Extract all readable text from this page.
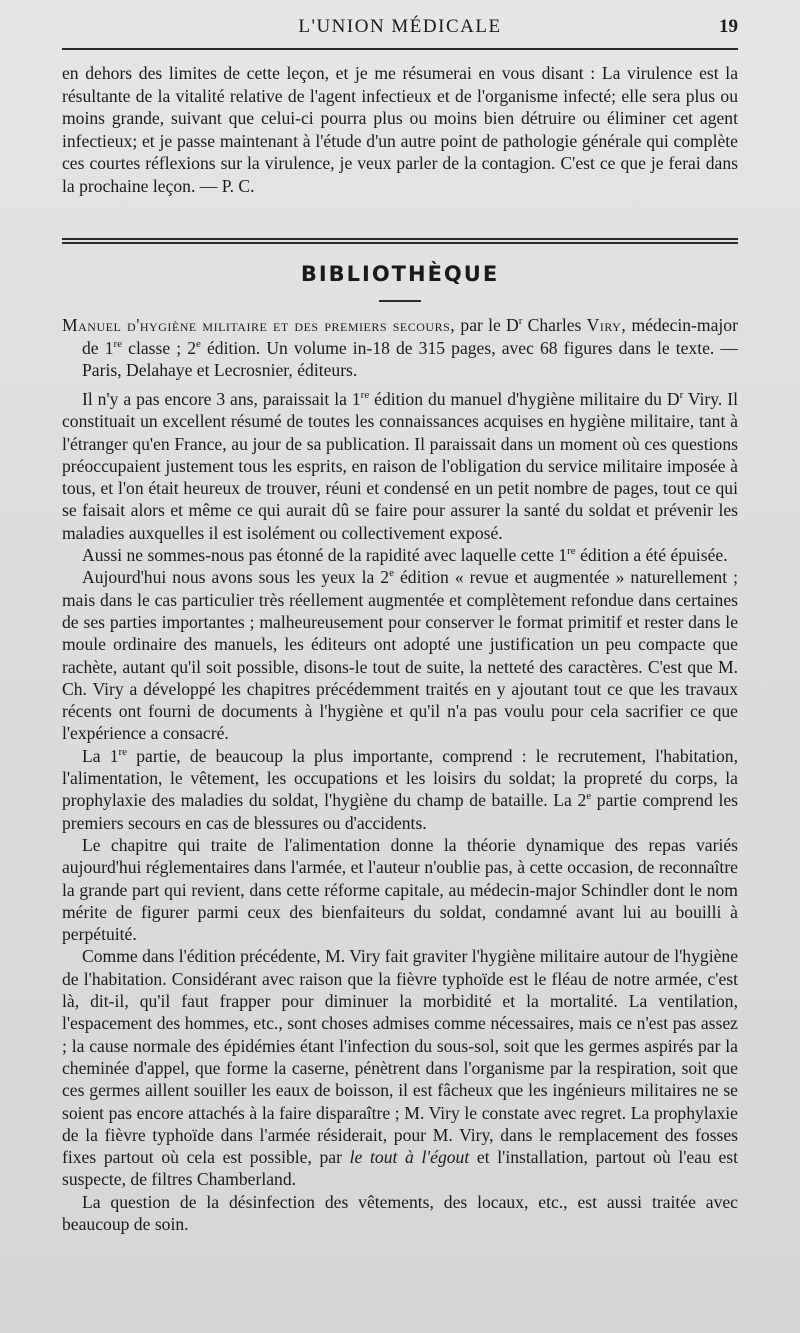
L'UNION MÉDICALE	19

en dehors des limites de cette leçon, et je me résumerai en vous disant : La virulence est la résultante de la vitalité relative de l'agent infectieux et de l'organisme infecté; elle sera plus ou moins grande, suivant que celui-ci pourra plus ou moins bien détruire ou éliminer cet agent infectieux; et je passe maintenant à l'étude d'un autre point de pathologie générale qui complète ces courtes réflexions sur la virulence, je veux parler de la contagion. C'est ce que je ferai dans la prochaine leçon. — P. C.

BIBLIOTHÈQUE
Manuel d'hygiène militaire et des premiers secours, par le $D^r$ Charles Viry, médecin-major de 1re classe ; 2e édition. Un volume in-18 de 315 pages, avec 68 figures dans le texte. — Paris, Delahaye et Lecrosnier, éditeurs.

Il n'y a pas encore 3 ans, paraissait la 1re édition du manuel d'hygiène militaire du $D^r$ Viry. Il constituait un excellent résumé de toutes les connaissances acquises en hygiène militaire, tant à l'étranger qu'en France, au jour de sa publication. Il paraissait dans un moment où ces questions préoccupaient justement tous les esprits, en raison de l'obligation du service militaire imposée à tous, et l'on était heureux de trouver, réuni et condensé en un petit nombre de pages, tout ce qui se faisait alors et même ce qui aurait dû se faire pour assurer la santé du soldat et prévenir les maladies auxquelles il est isolément ou collectivement exposé.

Aussi ne sommes-nous pas étonné de la rapidité avec laquelle cette 1re édition a été épuisée.

Aujourd'hui nous avons sous les yeux la 2e édition « revue et augmentée » naturellement ; mais dans le cas particulier très réellement augmentée et complètement refondue dans certaines de ses parties importantes ; malheureusement pour conserver le format primitif et rester dans le moule ordinaire des manuels, les éditeurs ont adopté une justification un peu compacte que rachète, autant qu'il soit possible, disons-le tout de suite, la netteté des caractères. C'est que M. Ch. Viry a développé les chapitres précédemment traités en y ajoutant tout ce que les travaux récents ont fourni de documents à l'hygiène et qu'il n'a pas voulu pour cela sacrifier ce que l'expérience a consacré.

La 1re partie, de beaucoup la plus importante, comprend : le recrutement, l'habitation, l'alimentation, le vêtement, les occupations et les loisirs du soldat; la propreté du corps, la prophylaxie des maladies du soldat, l'hygiène du champ de bataille. La 2e partie comprend les premiers secours en cas de blessures ou d'accidents.

Le chapitre qui traite de l'alimentation donne la théorie dynamique des repas variés aujourd'hui réglementaires dans l'armée, et l'auteur n'oublie pas, à cette occasion, de reconnaître la grande part qui revient, dans cette réforme capitale, au médecin-major Schindler dont le nom mérite de figurer parmi ceux des bienfaiteurs du soldat, condamné avant lui au bouilli à perpétuité.

Comme dans l'édition précédente, M. Viry fait graviter l'hygiène militaire autour de l'hygiène de l'habitation. Considérant avec raison que la fièvre typhoïde est le fléau de notre armée, c'est là, dit-il, qu'il faut frapper pour diminuer la morbidité et la mortalité. La ventilation, l'espacement des hommes, etc., sont choses admises comme nécessaires, mais ce n'est pas assez ; la cause normale des épidémies étant l'infection du sous-sol, soit que les germes aspirés par la cheminée d'appel, que forme la caserne, pénètrent dans l'organisme par la respiration, soit que ces germes aillent souiller les eaux de boisson, il est fâcheux que les ingénieurs militaires ne se soient pas encore attachés à la faire disparaître ; M. Viry le constate avec regret. La prophylaxie de la fièvre typhoïde dans l'armée résiderait, pour M. Viry, dans le remplacement des fosses fixes partout où cela est possible, par le tout à l'égout et l'installation, partout où l'eau est suspecte, de filtres Chamberland.

La question de la désinfection des vêtements, des locaux, etc., est aussi traitée avec beaucoup de soin.
